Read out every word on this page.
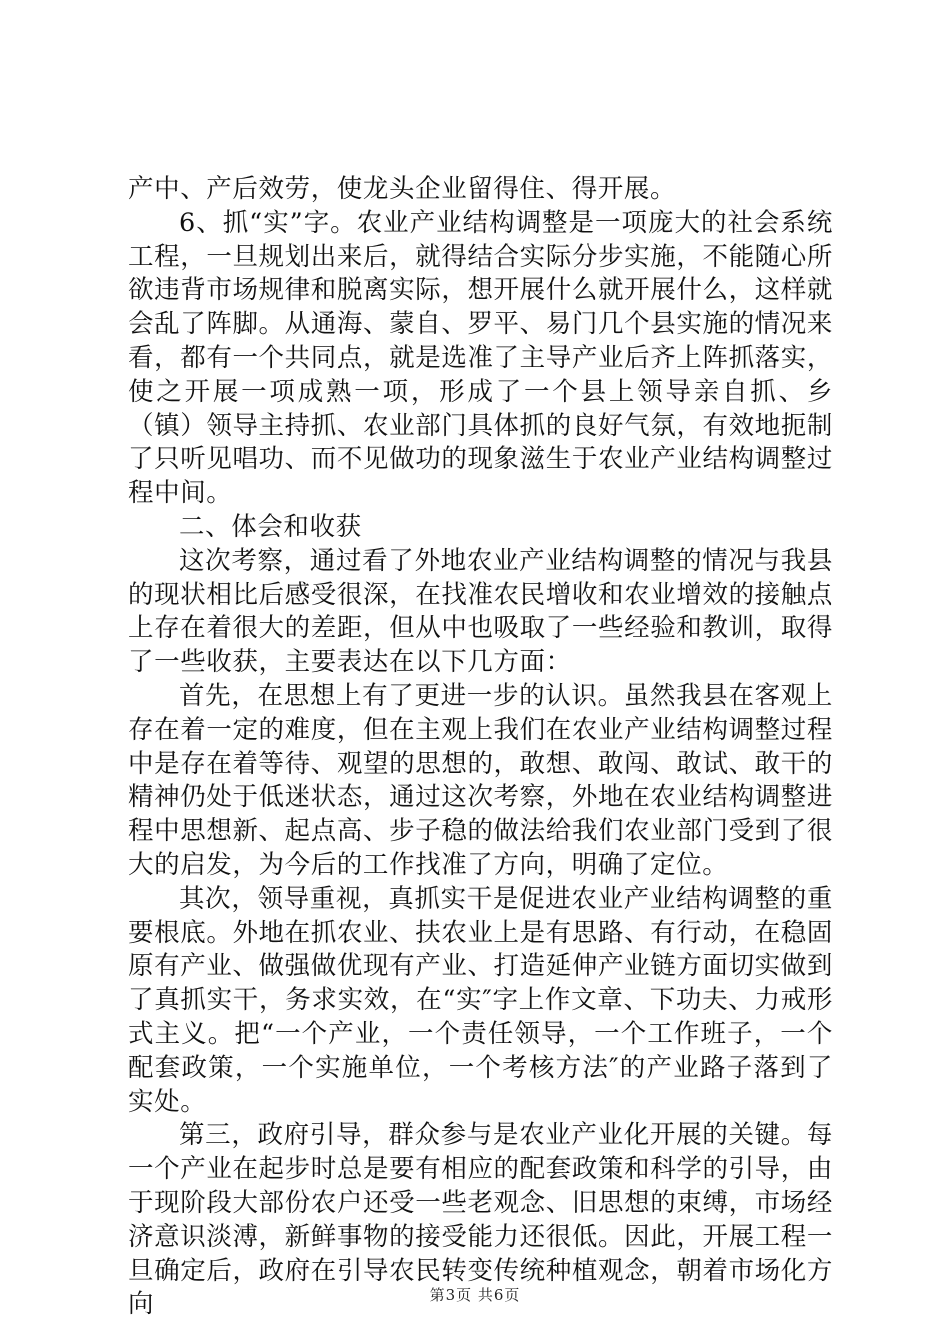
产中、产后效劳，使龙头企业留得住、得开展。

6、抓“实”字。农业产业结构调整是一项庞大的社会系统工程，一旦规划出来后，就得结合实际分步实施，不能随心所欲违背市场规律和脱离实际，想开展什么就开展什么，这样就会乱了阵脚。从通海、蒙自、罗平、易门几个县实施的情况来看，都有一个共同点，就是选准了主导产业后齐上阵抓落实，使之开展一项成熟一项，形成了一个县上领导亲自抓、乡（镇）领导主持抓、农业部门具体抓的良好气氛，有效地扼制了只听见唱功、而不见做功的现象滋生于农业产业结构调整过程中间。

二、体会和收获

这次考察，通过看了外地农业产业结构调整的情况与我县的现状相比后感受很深，在找准农民增收和农业增效的接触点上存在着很大的差距，但从中也吸取了一些经验和教训，取得了一些收获，主要表达在以下几方面：

首先，在思想上有了更进一步的认识。虽然我县在客观上存在着一定的难度，但在主观上我们在农业产业结构调整过程中是存在着等待、观望的思想的，敢想、敢闯、敢试、敢干的精神仍处于低迷状态，通过这次考察，外地在农业结构调整进程中思想新、起点高、步子稳的做法给我们农业部门受到了很大的启发，为今后的工作找准了方向，明确了定位。

其次，领导重视，真抓实干是促进农业产业结构调整的重要根底。外地在抓农业、扶农业上是有思路、有行动，在稳固原有产业、做强做优现有产业、打造延伸产业链方面切实做到了真抓实干，务求实效，在“实″字上作文章、下功夫、力戒形式主义。把“一个产业，一个责任领导，一个工作班子，一个配套政策，一个实施单位，一个考核方法″的产业路子落到了实处。

第三，政府引导，群众参与是农业产业化开展的关键。每一个产业在起步时总是要有相应的配套政策和科学的引导，由于现阶段大部份农户还受一些老观念、旧思想的束缚，市场经济意识淡溥，新鲜事物的接受能力还很低。因此，开展工程一旦确定后，政府在引导农民转变传统种植观念，朝着市场化方向	第3页 共6页
